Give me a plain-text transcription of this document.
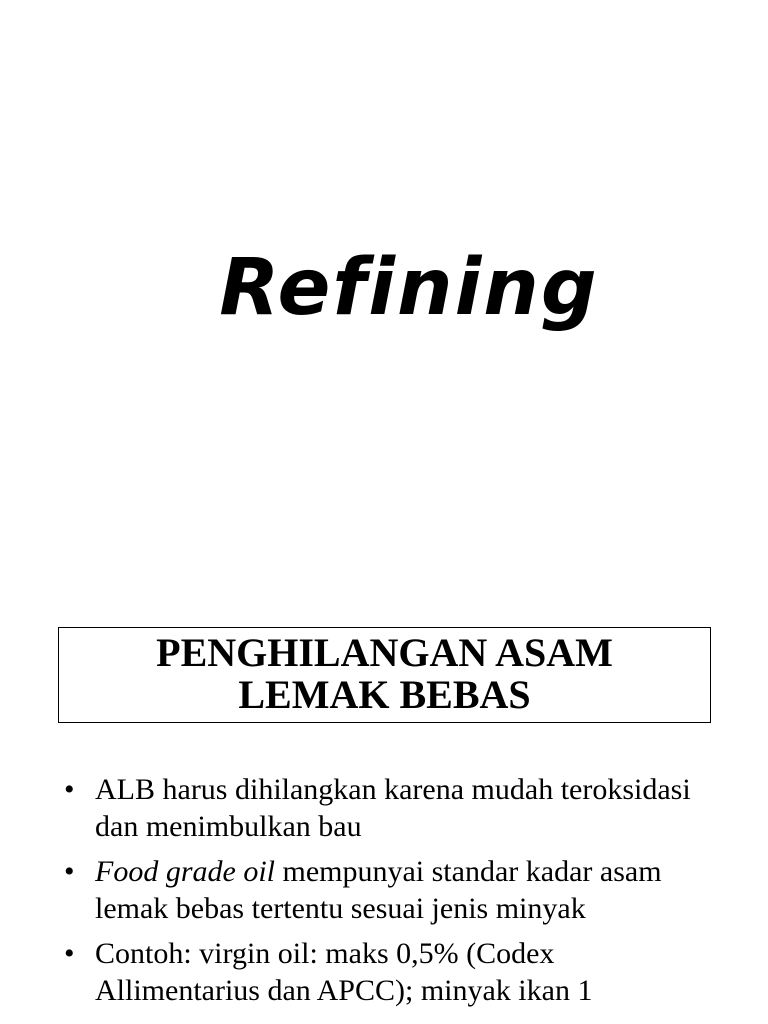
Refining
PENGHILANGAN ASAM
LEMAK BEBAS
• ALB harus dihilangkan karena mudah teroksidasi dan menimbulkan bau
• Food grade oil mempunyai standar kadar asam lemak bebas tertentu sesuai jenis minyak
• Contoh: virgin oil: maks 0,5% (Codex Allimentarius dan APCC); minyak ikan 1
